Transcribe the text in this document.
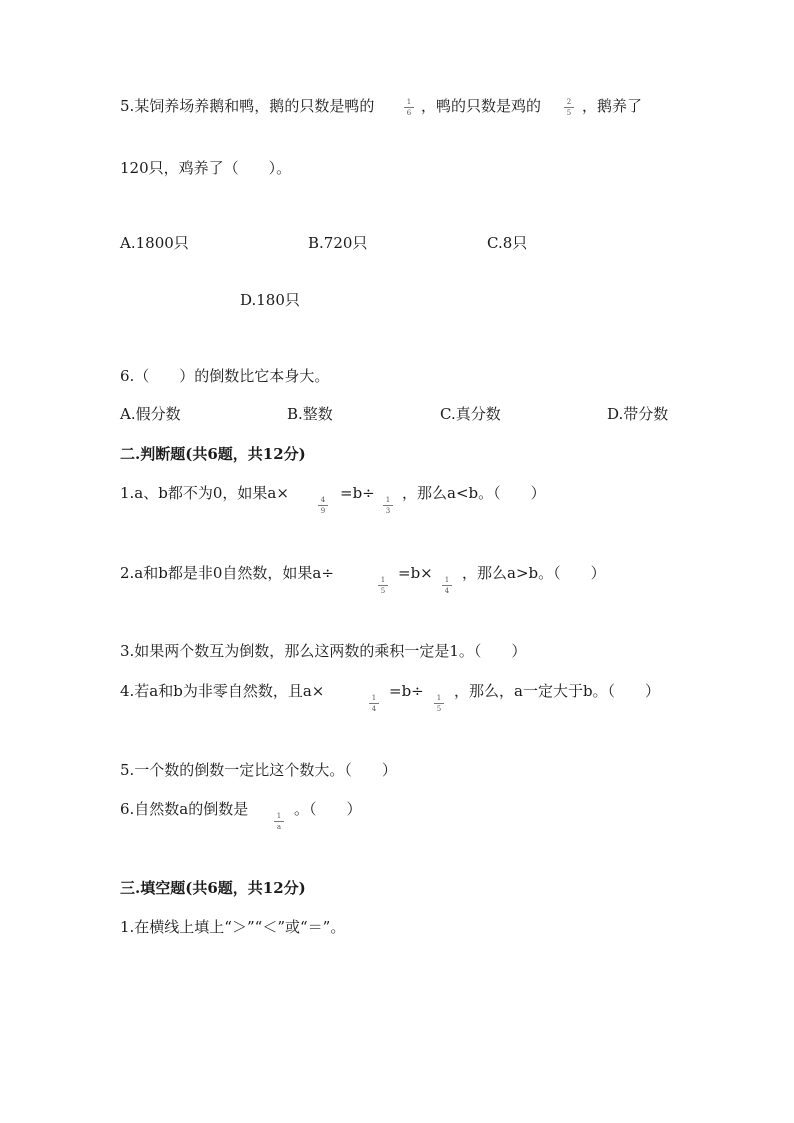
5.某饲养场养鹅和鸭，鹅的只数是鸭的	1
6 ，鸭的只数是鸡的	2
5 ，鹅养了
120只，鸡养了（　　）。
A.1800只	B.720只	C.8只
D.180只
6.（　　）的倒数比它本身大。
A.假分数	B.整数	C.真分数	D.带分数
二.判断题(共6题，共12分)
1.a、b都不为0，如果a×	4
9
=b÷	1
3
，那么a<b。（　　）
2.a和b都是非0自然数，如果a÷	1
5
=b×	1
4
，那么a>b。（　　）
3.如果两个数互为倒数，那么这两数的乘积一定是1。（　　）
4.若a和b为非零自然数，且a×	1
4
=b÷	1
5
，那么，a一定大于b。（　　）
5.一个数的倒数一定比这个数大。（　　）
6.自然数a的倒数是	1
a
。（　　）
三.填空题(共6题，共12分)
1.在横线上填上“＞”“＜”或“＝”。
